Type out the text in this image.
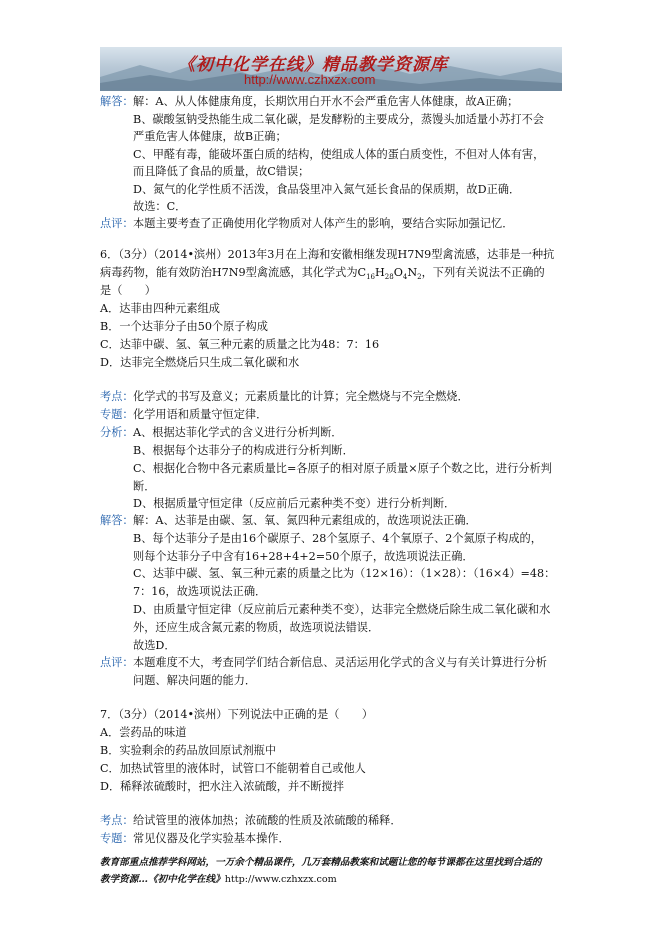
《初中化学在线》精品教学资源库
http://www.czhxzx.com
解答： 解：A、从人体健康角度，长期饮用白开水不会严重危害人体健康，故A正确；
B、碳酸氢钠受热能生成二氧化碳，是发酵粉的主要成分，蒸馒头加适量小苏打不会
严重危害人体健康，故B正确；
C、甲醛有毒，能破坏蛋白质的结构，使组成人体的蛋白质变性，不但对人体有害，
而且降低了食品的质量，故C错误；
D、氮气的化学性质不活泼，食品袋里冲入氮气延长食品的保质期，故D正确．
故选：C．
点评： 本题主要考查了正确使用化学物质对人体产生的影响，要结合实际加强记忆．
6．（3分）（2014•滨州）2013年3月在上海和安徽相继发现H7N9型禽流感，达菲是一种抗
病毒药物，能有效防治H7N9型禽流感，其化学式为$C_{16}H_{28}O_4N_2$，下列有关说法不正确的
是（　　）
A．达菲由四种元素组成
B．一个达菲分子由50个原子构成
C．达菲中碳、氢、氧三种元素的质量之比为48：7：16
D．达菲完全燃烧后只生成二氧化碳和水
考点： 化学式的书写及意义；元素质量比的计算；完全燃烧与不完全燃烧．
专题： 化学用语和质量守恒定律．
分析： A、根据达菲化学式的含义进行分析判断．
B、根据每个达菲分子的构成进行分析判断．
C、根据化合物中各元素质量比=各原子的相对原子质量×原子个数之比，进行分析判
断．
D、根据质量守恒定律（反应前后元素种类不变）进行分析判断．
解答： 解：A、达菲是由碳、氢、氧、氮四种元素组成的，故选项说法正确．
B、每个达菲分子是由16个碳原子、28个氢原子、4个氧原子、2个氮原子构成的，
则每个达菲分子中含有16+28+4+2=50个原子，故选项说法正确．
C、达菲中碳、氢、氧三种元素的质量之比为（12×16）：（1×28）：（16×4）=48：
7：16，故选项说法正确．
D、由质量守恒定律（反应前后元素种类不变），达菲完全燃烧后除生成二氧化碳和水
外，还应生成含氮元素的物质，故选项说法错误．
故选D．
点评： 本题难度不大，考查同学们结合新信息、灵活运用化学式的含义与有关计算进行分析
问题、解决问题的能力．
7．（3分）（2014•滨州）下列说法中正确的是（　　）
A．尝药品的味道
B．实验剩余的药品放回原试剂瓶中
C．加热试管里的液体时，试管口不能朝着自己或他人
D．稀释浓硫酸时，把水注入浓硫酸，并不断搅拌
考点： 给试管里的液体加热；浓硫酸的性质及浓硫酸的稀释．
专题： 常见仪器及化学实验基本操作．
教育部重点推荐学科网站，一万余个精品课件，几万套精品教案和试题让您的每节课都在这里找到合适的
教学资源…《初中化学在线》http://www.czhxzx.com
